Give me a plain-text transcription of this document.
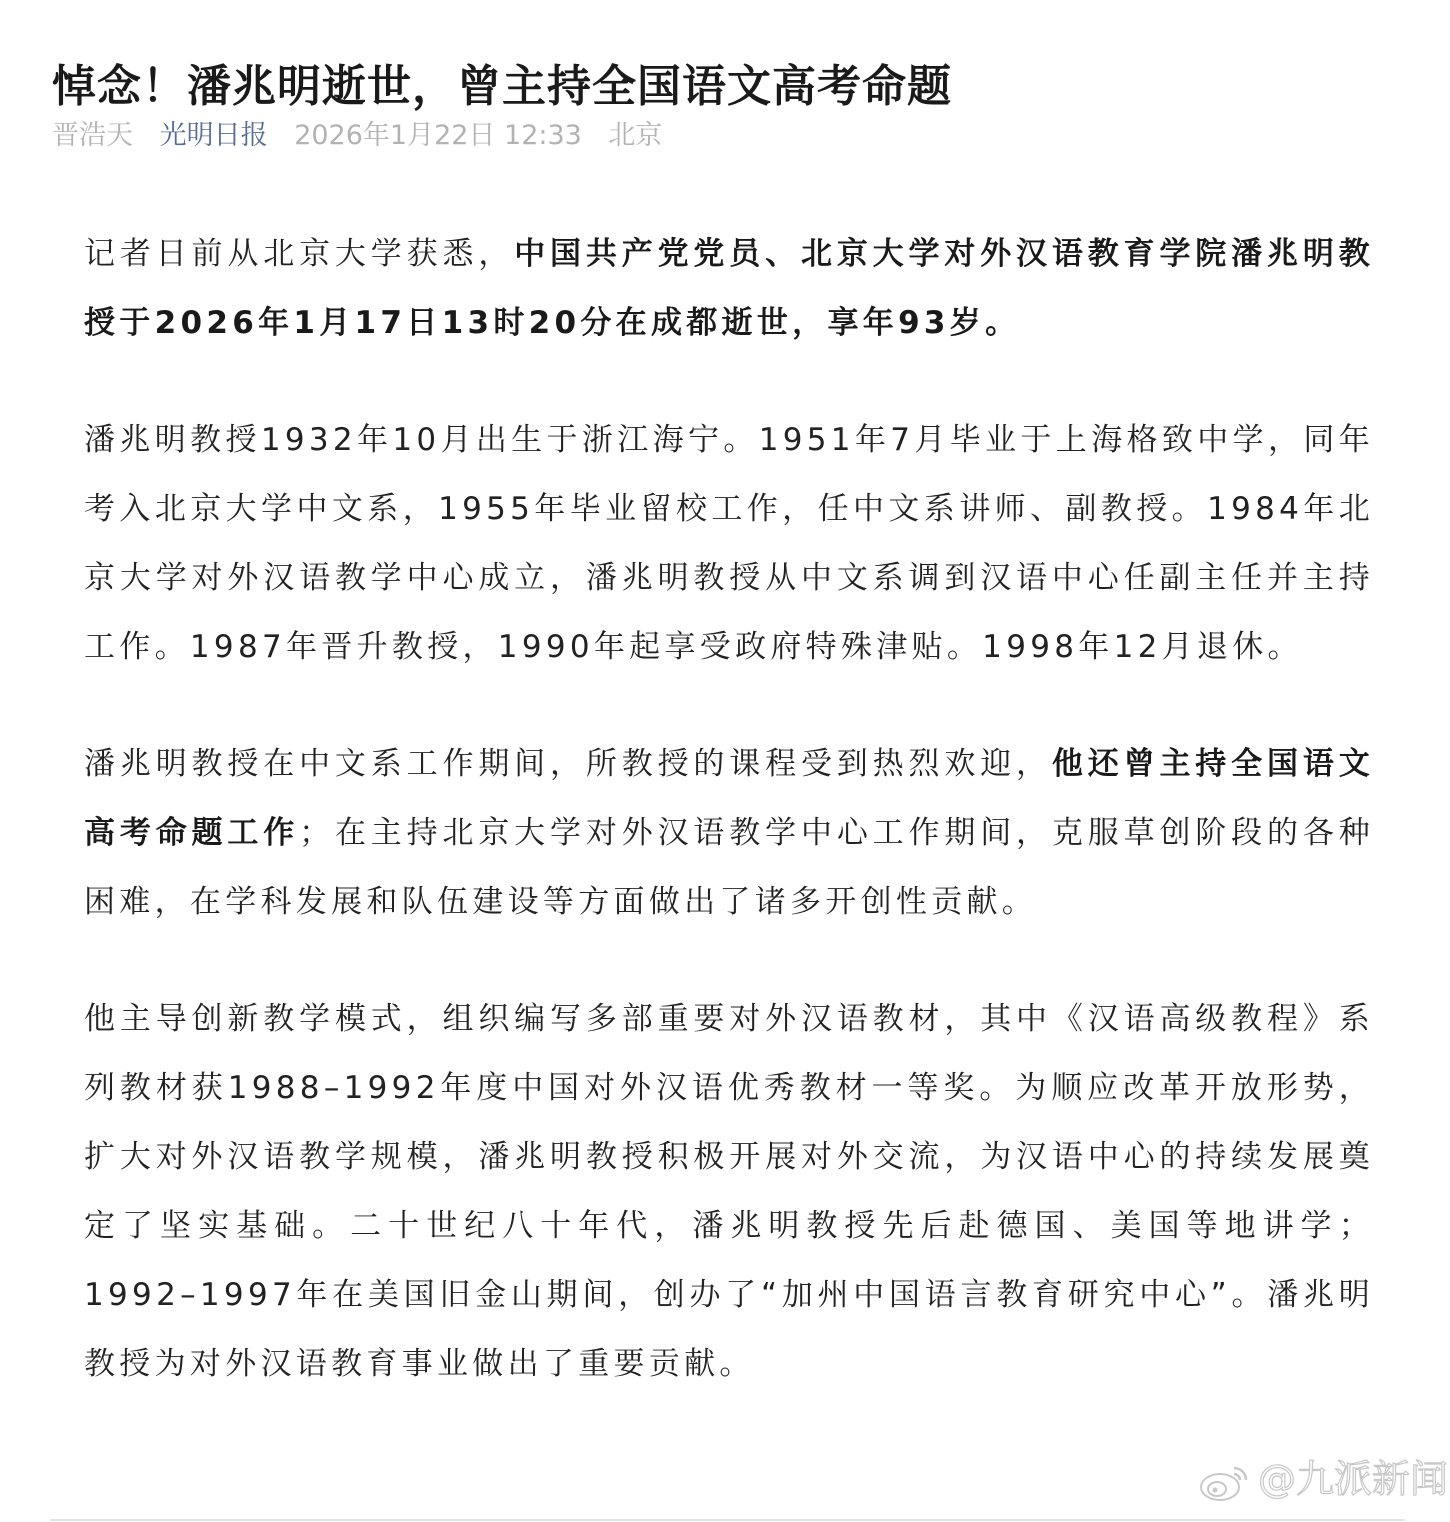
悼念！潘兆明逝世，曾主持全国语文高考命题
晋浩天 光明日报 2026年1月22日 12:33 北京

记者日前从北京大学获悉，中国共产党党员、北京大学对外汉语教育学院潘兆明教授于2026年1月17日13时20分在成都逝世，享年93岁。

潘兆明教授1932年10月出生于浙江海宁。1951年7月毕业于上海格致中学，同年考入北京大学中文系，1955年毕业留校工作，任中文系讲师、副教授。1984年北京大学对外汉语教学中心成立，潘兆明教授从中文系调到汉语中心任副主任并主持工作。1987年晋升教授，1990年起享受政府特殊津贴。1998年12月退休。

潘兆明教授在中文系工作期间，所教授的课程受到热烈欢迎，他还曾主持全国语文高考命题工作；在主持北京大学对外汉语教学中心工作期间，克服草创阶段的各种困难，在学科发展和队伍建设等方面做出了诸多开创性贡献。

他主导创新教学模式，组织编写多部重要对外汉语教材，其中《汉语高级教程》系列教材获1988–1992年度中国对外汉语优秀教材一等奖。为顺应改革开放形势，扩大对外汉语教学规模，潘兆明教授积极开展对外交流，为汉语中心的持续发展奠定了坚实基础。二十世纪八十年代，潘兆明教授先后赴德国、美国等地讲学；1992–1997年在美国旧金山期间，创办了“加州中国语言教育研究中心”。潘兆明教授为对外汉语教育事业做出了重要贡献。

@九派新闻
